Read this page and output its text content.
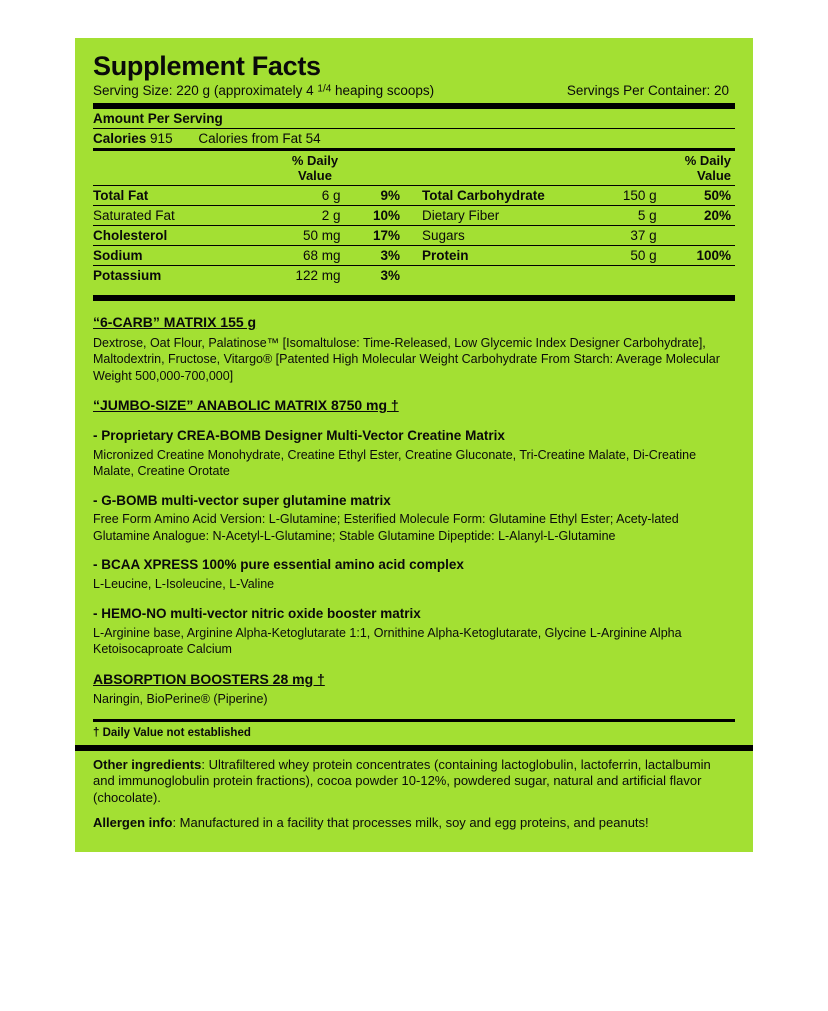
Supplement Facts
Serving Size: 220 g (approximately 4 $^{1/4}$ heaping scoops)	Servings Per Container: 20
Amount Per Serving
Calories 915 Calories from Fat 54
	% Daily Value				% Daily Value
Total Fat	6 g	9%	Total Carbohydrate	150 g	50%
Saturated Fat	2 g	10%	Dietary Fiber	5 g	20%
Cholesterol	50 mg	17%	Sugars	37 g	
Sodium	68 mg	3%	Protein	50 g	100%
Potassium	122 mg	3%			
“6-CARB” MATRIX 155 g

Dextrose, Oat Flour, Palatinose™ [Isomaltulose: Time-Released, Low Glycemic Index Designer Carbohydrate], Maltodextrin, Fructose, Vitargo® [Patented High Molecular Weight Carbohydrate From Starch: Average Molecular Weight 500,000-700,000]

“JUMBO-SIZE” ANABOLIC MATRIX 8750 mg †
- Proprietary CREA-BOMB Designer Multi-Vector Creatine Matrix

Micronized Creatine Monohydrate, Creatine Ethyl Ester, Creatine Gluconate, Tri-Creatine Malate, Di-Creatine Malate, Creatine Orotate

- G-BOMB multi-vector super glutamine matrix

Free Form Amino Acid Version: L-Glutamine; Esterified Molecule Form: Glutamine Ethyl Ester; Acety-lated Glutamine Analogue: N-Acetyl-L-Glutamine; Stable Glutamine Dipeptide: L-Alanyl-L-Glutamine

- BCAA XPRESS 100% pure essential amino acid complex

L-Leucine, L-Isoleucine, L-Valine

- HEMO-NO multi-vector nitric oxide booster matrix

L-Arginine base, Arginine Alpha-Ketoglutarate 1:1, Ornithine Alpha-Ketoglutarate, Glycine L-Arginine Alpha Ketoisocaproate Calcium

ABSORPTION BOOSTERS 28 mg †

Naringin, BioPerine® (Piperine)

† Daily Value not established

Other ingredients: Ultrafiltered whey protein concentrates (containing lactoglobulin, lactoferrin, lactalbumin and immunoglobulin protein fractions), cocoa powder 10-12%, powdered sugar, natural and artificial flavor (chocolate).

Allergen info: Manufactured in a facility that processes milk, soy and egg proteins, and peanuts!
